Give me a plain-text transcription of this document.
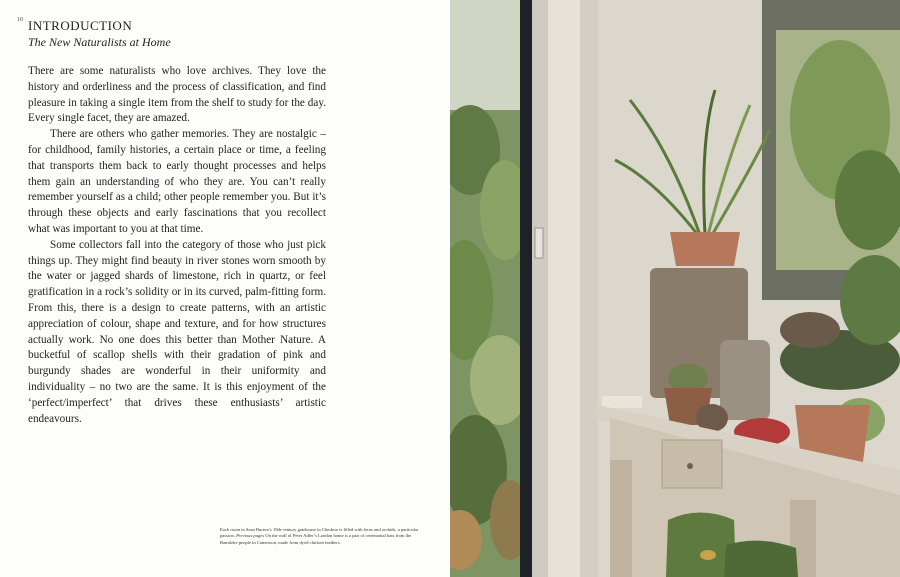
10 INTRODUCTION
The New Naturalists at Home

There are some naturalists who love archives. They love the history and orderliness and the process of classification, and find pleasure in taking a single item from the shelf to study for the day. Every single facet, they are amazed.

There are others who gather memories. They are nostalgic – for childhood, family histories, a certain place or time, a feeling that transports them back to early thought processes and helps them gain an understanding of who they are. You can’t really remember yourself as a child; other people remember you. But it’s through these objects and early fascinations that you recollect what was important to you at that time.

Some collectors fall into the category of those who just pick things up. They might find beauty in river stones worn smooth by the water or jagged shards of limestone, rich in quartz, or feel gratification in a rock’s solidity or in its curved, palm-fitting form. From this, there is a design to create patterns, with an artistic appreciation of colour, shape and texture, and for how structures actually work. No one does this better than Mother Nature. A bucketful of scallop shells with their gradation of pink and burgundy shades are wonderful in their uniformity and individuality – no two are the same. It is this enjoyment of the ‘perfect/imperfect’ that drives these enthusiasts’ artistic endeavours.

Each room in Sean Burton’s 19th-century gatehouse in Cheshire is filled with ferns and orchids, a particular passion. Previous pages On the wall of Peter Adler’s London home is a pair of ceremonial hats from the Bamileke people in Cameroon, made from dyed chicken feathers.
